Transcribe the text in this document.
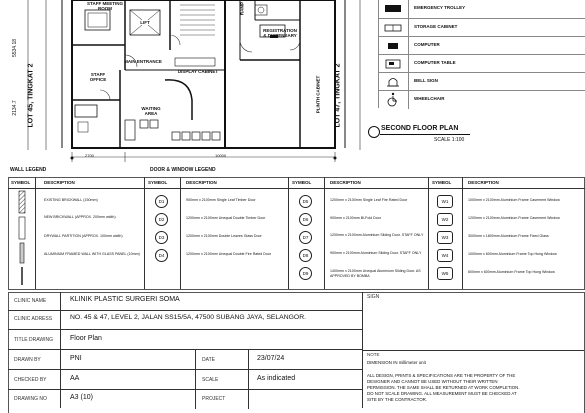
STAFF MEETING ROOM
LIFT
MAIN ENTRANCE
STAFF OFFICE
REGISTRATION & DISPENSARY
DISPLAY CABINET
WAITING AREA
PLINTH CABINET
RAMP
LOT 45, TINGKAT 2	LOT 47, TINGKAT 2
5534.18
2134.7
2700	10000
EMERGENCY TROLLEY
STORAGE CABINET
COMPUTER
COMPUTER TABLE
BELL SIGN
WHEELCHAIR
SECOND FLOOR PLAN
SCALE 1:100
WALL LEGEND	DOOR & WINDOW LEGEND
SYMBOL	DESCRIPTION	SYMBOL	DESCRIPTION	SYMBOL	DESCRIPTION	SYMBOL	DESCRIPTION
EXISTING BRICKWALL (150mm)
NEW BRICKWALL (APPROX. 200mm width)
DRYWALL PARTITION (APPROX. 100mm width)
ALUMINIUM FRAMED WALL WITH GLASS PANEL (10mm)
D1	900mm x 2100mm Single Leaf Timber Door
D2	1200mm x 2100mm Unequal Double Timber Door
D3	1200mm x 2100mm Double Leaves Glass Door
D4	1200mm x 2100mm Unequal Double Fire Rated Door
D5	1200mm x 2100mm Single Leaf Fire Rated Door
D6	900mm x 2100mm Bi-Fold Door
D7	1200mm x 2100mm Aluminium Sliding Door. STAFF ONLY
D8	900mm x 2100mm Aluminium Sliding Door. STAFF ONLY
D9	1400mm x 2100mm Unequal Aluminium Sliding Door. AS APPROVED BY BOMBA
W1	1000mm x 2100mm Aluminium Frame Casement Window
W2	1200mm x 2100mm Aluminium Frame Casement Window
W3	3000mm x 1800mm Aluminium Frame Fixed Glass
W4	1000mm x 600mm Aluminium Frame Top Hung Window
W5	600mm x 600mm Aluminium Frame Top Hung Window
CLINIC NAME	KLINIK PLASTIC SURGERI SOMA
CLINIC ADRESS	NO. 45 & 47, LEVEL 2, JALAN SS15/5A, 47500 SUBANG JAYA, SELANGOR.
TITLE DRAWING Floor Plan
DRAWN BY	PNI	DATE	23/07/24
CHECKED BY	AA	SCALE	As indicated
DRAWING NO	A3 (10)	PROJECT
SIGN
NOTE
DIMENSION IN millimeter unit
ALL DESIGN, PRINTS & SPECIFICATIONS ARE THE PROPERTY OF THE
DESIGNER AND CANNOT BE USED WITHOUT THEIR WRITTEN
PERMISSION. THE SAME SHALL BE RETURNED AT WORK COMPLETION.
DO NOT SCALE DRAWING. ALL MEASUREMENT MUST BE CHECKED AT
SITE BY THE CONTRACTOR.
